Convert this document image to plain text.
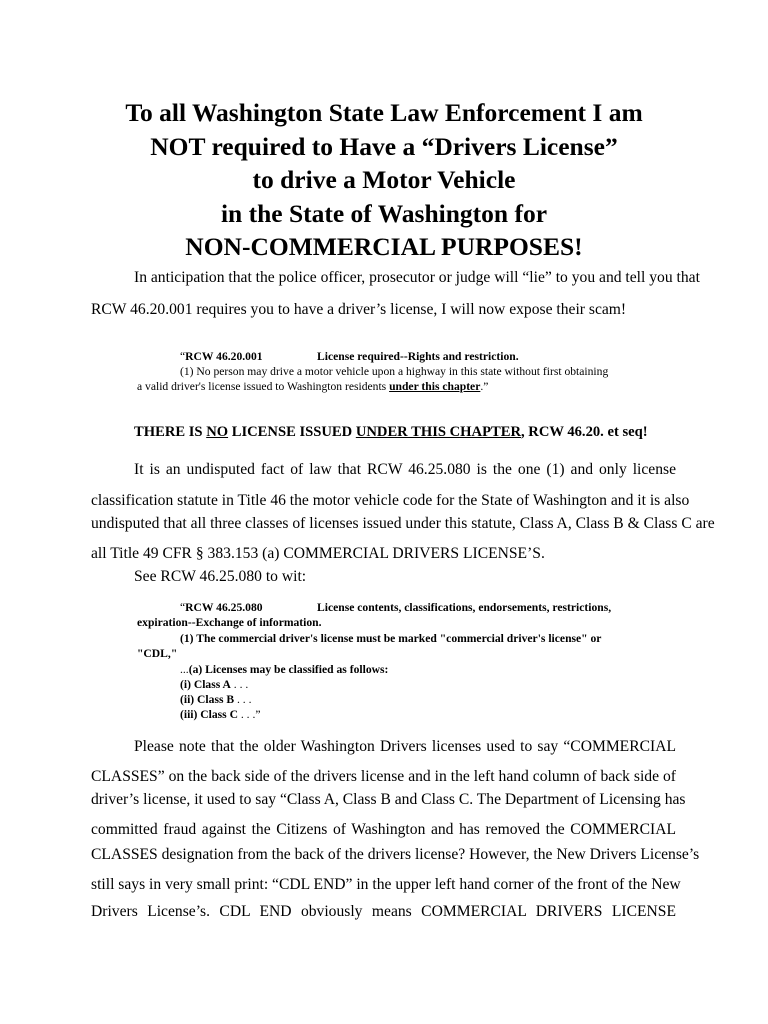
To all Washington State Law Enforcement I am
NOT required to Have a “Drivers License”
to drive a Motor Vehicle
in the State of Washington for
NON-COMMERCIAL PURPOSES!
In anticipation that the police officer, prosecutor or judge will “lie” to you and tell you that
RCW 46.20.001 requires you to have a driver’s license, I will now expose their scam!
“RCW 46.20.001	License required--Rights and restriction.
(1) No person may drive a motor vehicle upon a highway in this state without first obtaining
a valid driver's license issued to Washington residents under this chapter.”
THERE IS NO LICENSE ISSUED UNDER THIS CHAPTER, RCW 46.20. et seq!
It is an undisputed fact of law that RCW 46.25.080 is the one (1) and only license
classification statute in Title 46 the motor vehicle code for the State of Washington and it is also
undisputed that all three classes of licenses issued under this statute, Class A, Class B & Class C are
all Title 49 CFR § 383.153 (a) COMMERCIAL DRIVERS LICENSE’S.
See RCW 46.25.080 to wit:
“RCW 46.25.080	License contents, classifications, endorsements, restrictions,
expiration--Exchange of information.
(1) The commercial driver's license must be marked "commercial driver's license" or
"CDL,"
...(a) Licenses may be classified as follows:
(i) Class A . . .
(ii) Class B . . .
(iii) Class C . . .”
Please note that the older Washington Drivers licenses used to say “COMMERCIAL
CLASSES” on the back side of the drivers license and in the left hand column of back side of
driver’s license, it used to say “Class A, Class B and Class C. The Department of Licensing has
committed fraud against the Citizens of Washington and has removed the COMMERCIAL
CLASSES designation from the back of the drivers license? However, the New Drivers License’s
still says in very small print: “CDL END” in the upper left hand corner of the front of the New
Drivers License’s. CDL END obviously means COMMERCIAL DRIVERS LICENSE
